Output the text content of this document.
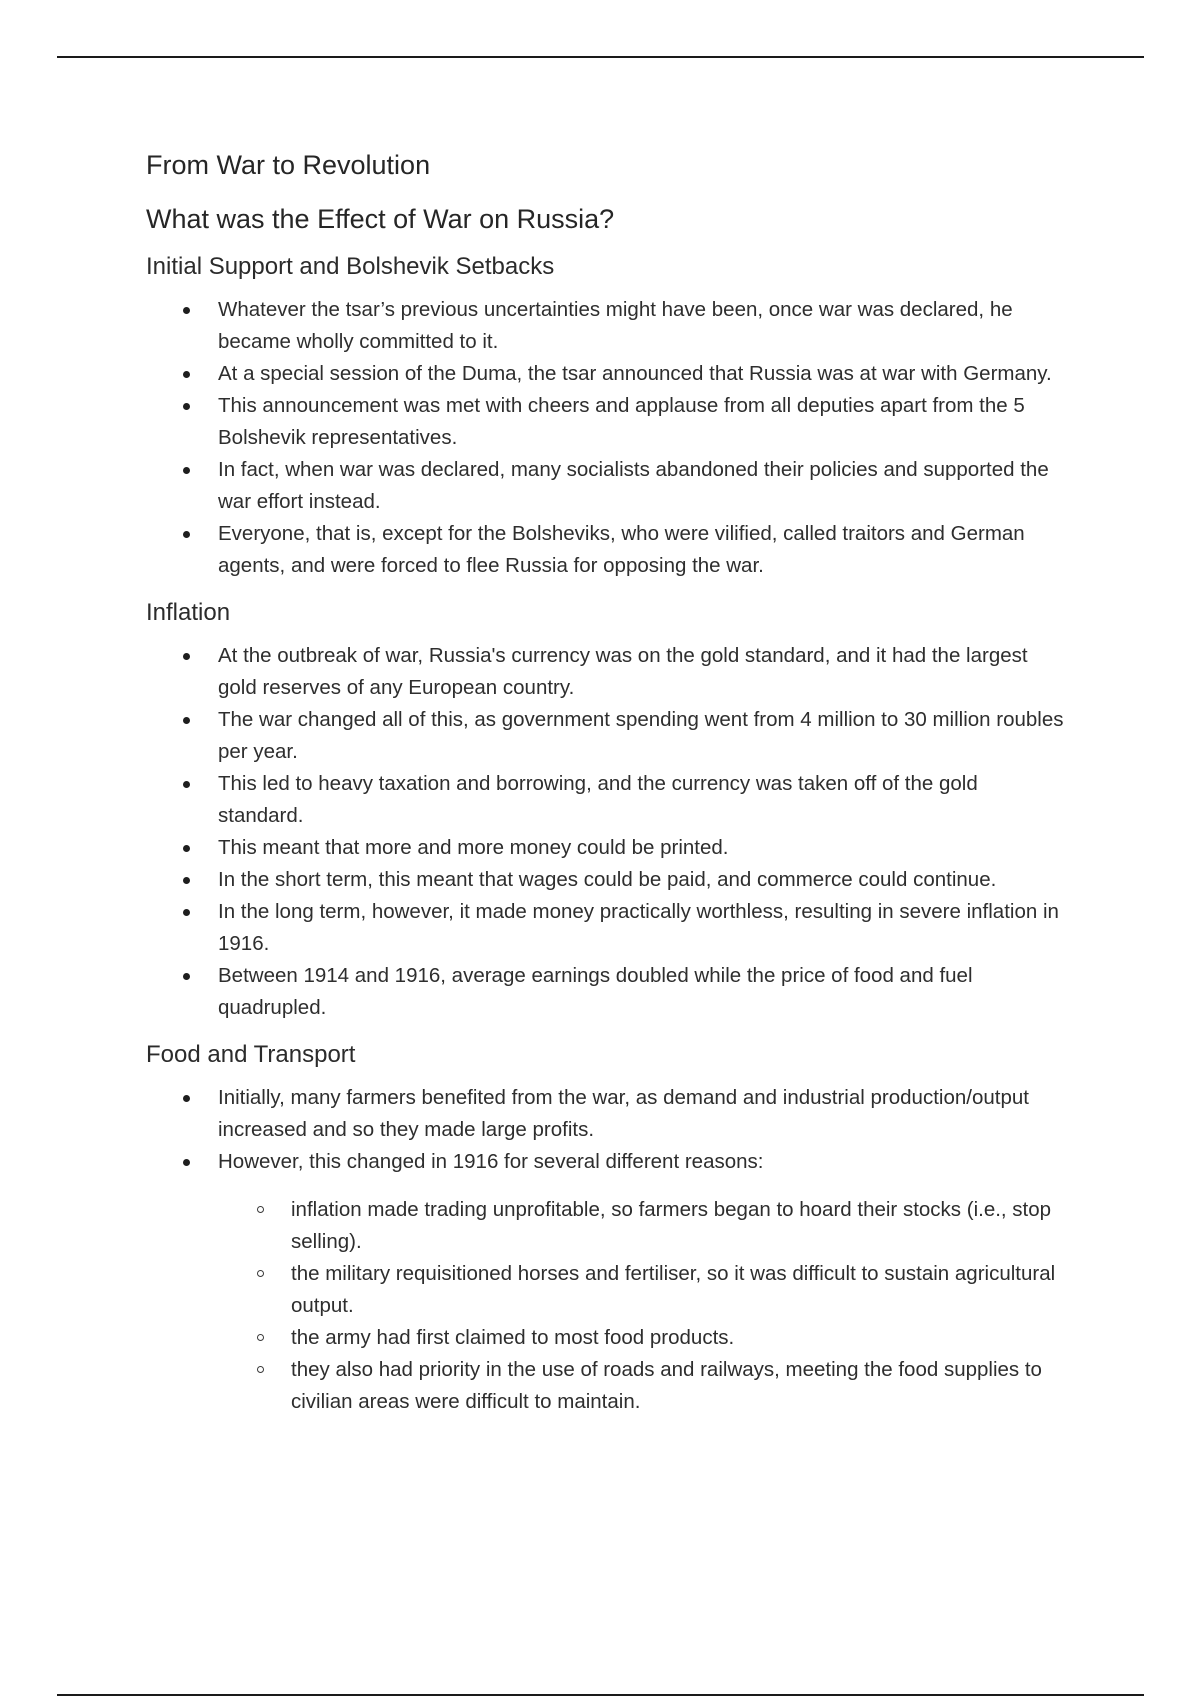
From War to Revolution
What was the Effect of War on Russia?
Initial Support and Bolshevik Setbacks
Whatever the tsar’s previous uncertainties might have been, once war was declared, he became wholly committed to it.
At a special session of the Duma, the tsar announced that Russia was at war with Germany.
This announcement was met with cheers and applause from all deputies apart from the 5 Bolshevik representatives.
In fact, when war was declared, many socialists abandoned their policies and supported the war effort instead.
Everyone, that is, except for the Bolsheviks, who were vilified, called traitors and German agents, and were forced to flee Russia for opposing the war.
Inflation
At the outbreak of war, Russia's currency was on the gold standard, and it had the largest gold reserves of any European country.
The war changed all of this, as government spending went from 4 million to 30 million roubles per year.
This led to heavy taxation and borrowing, and the currency was taken off of the gold standard.
This meant that more and more money could be printed.
In the short term, this meant that wages could be paid, and commerce could continue.
In the long term, however, it made money practically worthless, resulting in severe inflation in 1916.
Between 1914 and 1916, average earnings doubled while the price of food and fuel quadrupled.
Food and Transport
Initially, many farmers benefited from the war, as demand and industrial production/output increased and so they made large profits.
However, this changed in 1916 for several different reasons:
inflation made trading unprofitable, so farmers began to hoard their stocks (i.e., stop selling).
the military requisitioned horses and fertiliser, so it was difficult to sustain agricultural output.
the army had first claimed to most food products.
they also had priority in the use of roads and railways, meeting the food supplies to civilian areas were difficult to maintain.
